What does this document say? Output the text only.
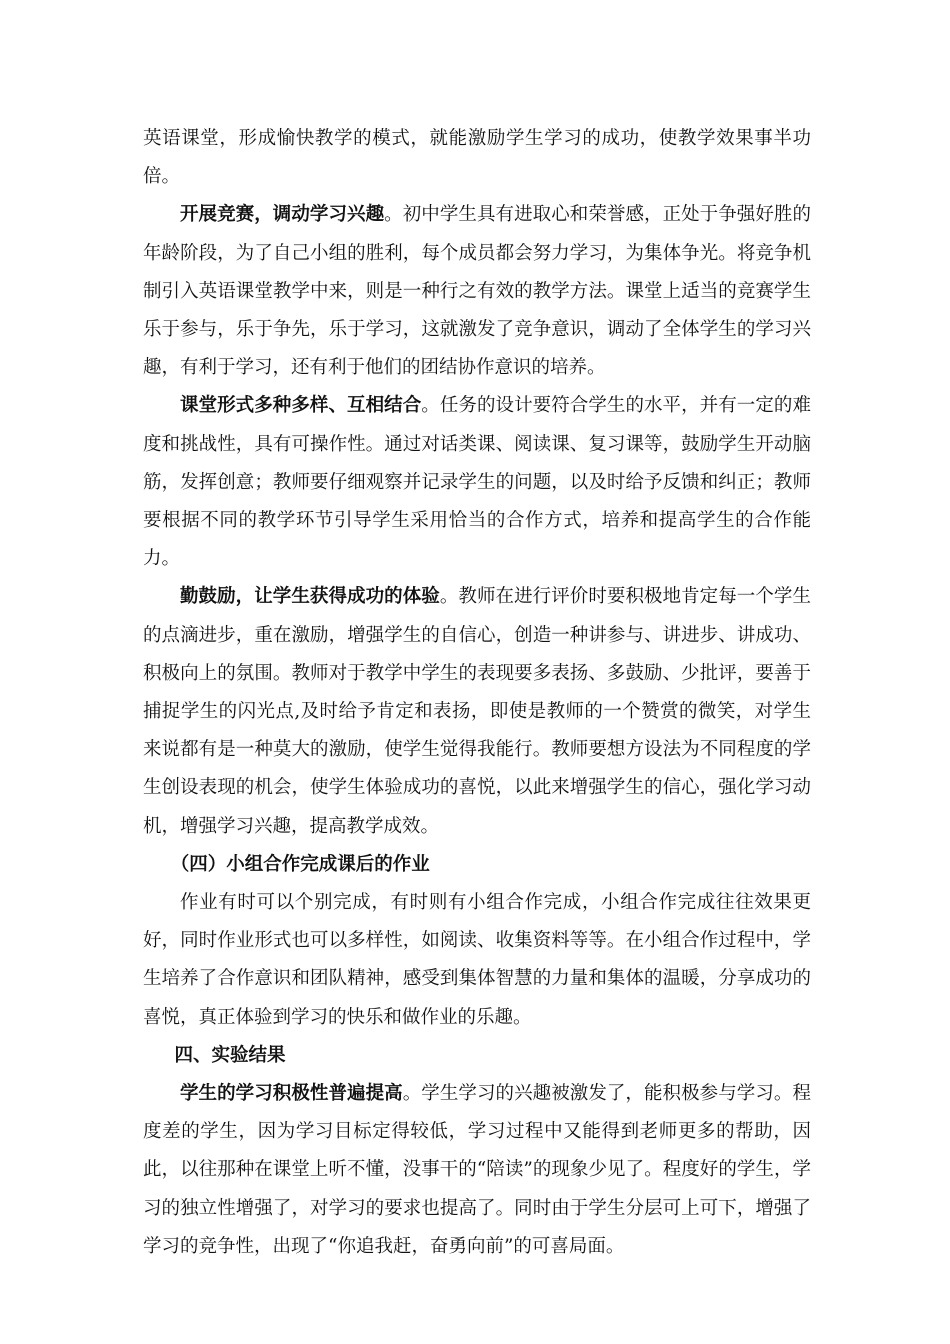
英语课堂，形成愉快教学的模式，就能激励学生学习的成功，使教学效果事半功倍。

开展竞赛，调动学习兴趣。初中学生具有进取心和荣誉感，正处于争强好胜的年龄阶段，为了自己小组的胜利，每个成员都会努力学习，为集体争光。将竞争机制引入英语课堂教学中来，则是一种行之有效的教学方法。课堂上适当的竞赛学生乐于参与，乐于争先，乐于学习，这就激发了竞争意识，调动了全体学生的学习兴趣，有利于学习，还有利于他们的团结协作意识的培养。

课堂形式多种多样、互相结合。任务的设计要符合学生的水平，并有一定的难度和挑战性，具有可操作性。通过对话类课、阅读课、复习课等，鼓励学生开动脑筋，发挥创意；教师要仔细观察并记录学生的问题，以及时给予反馈和纠正；教师要根据不同的教学环节引导学生采用恰当的合作方式，培养和提高学生的合作能力。

勤鼓励，让学生获得成功的体验。教师在进行评价时要积极地肯定每一个学生的点滴进步，重在激励，增强学生的自信心，创造一种讲参与、讲进步、讲成功、积极向上的氛围。教师对于教学中学生的表现要多表扬、多鼓励、少批评，要善于捕捉学生的闪光点,及时给予肯定和表扬，即使是教师的一个赞赏的微笑，对学生来说都有是一种莫大的激励，使学生觉得我能行。教师要想方设法为不同程度的学生创设表现的机会，使学生体验成功的喜悦，以此来增强学生的信心，强化学习动机，增强学习兴趣，提高教学成效。

（四）小组合作完成课后的作业

作业有时可以个别完成，有时则有小组合作完成，小组合作完成往往效果更好，同时作业形式也可以多样性，如阅读、收集资料等等。在小组合作过程中，学生培养了合作意识和团队精神，感受到集体智慧的力量和集体的温暖，分享成功的喜悦，真正体验到学习的快乐和做作业的乐趣。

四、实验结果

学生的学习积极性普遍提高。学生学习的兴趣被激发了，能积极参与学习。程度差的学生，因为学习目标定得较低，学习过程中又能得到老师更多的帮助，因此，以往那种在课堂上听不懂，没事干的“陪读”的现象少见了。程度好的学生，学习的独立性增强了，对学习的要求也提高了。同时由于学生分层可上可下，增强了学习的竞争性，出现了“你追我赶，奋勇向前”的可喜局面。
